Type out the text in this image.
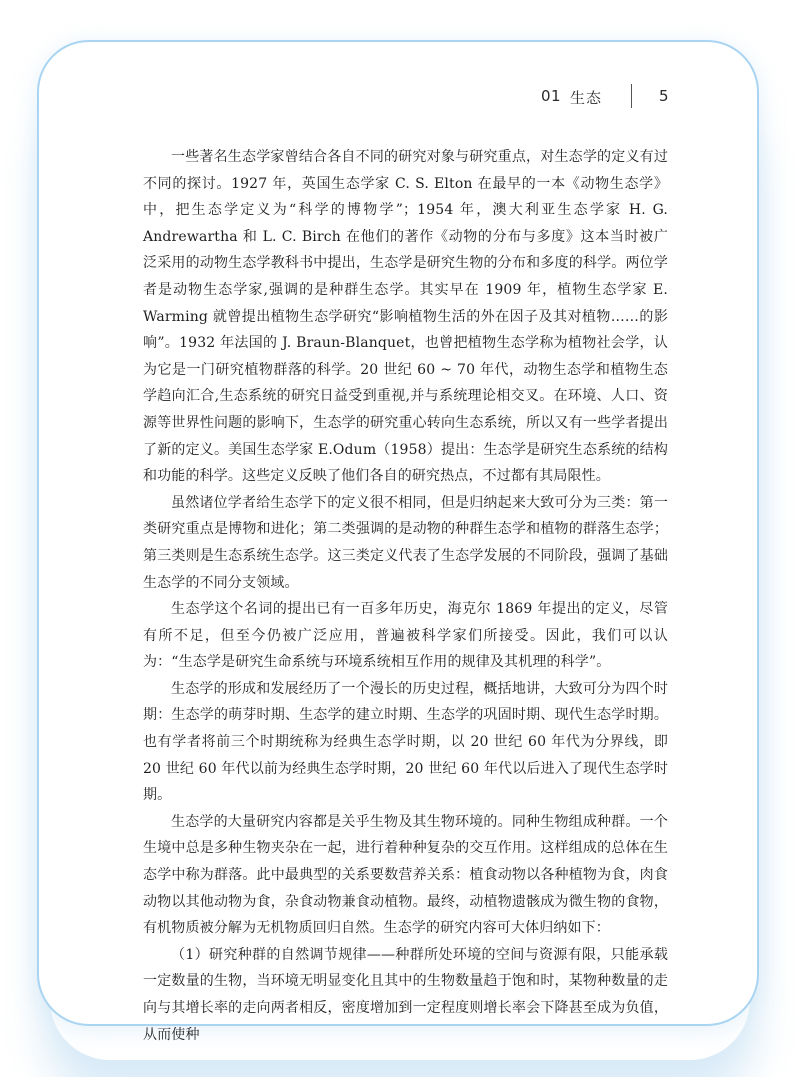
01 生态	5

一些著名生态学家曾结合各自不同的研究对象与研究重点，对生态学的定义有过不同的探讨。1927 年，英国生态学家 C. S. Elton 在最早的一本《动物生态学》中，把生态学定义为“科学的博物学”；1954 年，澳大利亚生态学家 H. G. Andrewartha 和 L. C. Birch 在他们的著作《动物的分布与多度》这本当时被广泛采用的动物生态学教科书中提出，生态学是研究生物的分布和多度的科学。两位学者是动物生态学家,强调的是种群生态学。其实早在 1909 年，植物生态学家 E. Warming 就曾提出植物生态学研究“影响植物生活的外在因子及其对植物……的影响”。1932 年法国的 J. Braun-Blanquet，也曾把植物生态学称为植物社会学，认为它是一门研究植物群落的科学。20 世纪 60 ~ 70 年代，动物生态学和植物生态学趋向汇合,生态系统的研究日益受到重视,并与系统理论相交叉。在环境、人口、资源等世界性问题的影响下，生态学的研究重心转向生态系统，所以又有一些学者提出了新的定义。美国生态学家 E.Odum（1958）提出：生态学是研究生态系统的结构和功能的科学。这些定义反映了他们各自的研究热点，不过都有其局限性。

虽然诸位学者给生态学下的定义很不相同，但是归纳起来大致可分为三类：第一类研究重点是博物和进化；第二类强调的是动物的种群生态学和植物的群落生态学；第三类则是生态系统生态学。这三类定义代表了生态学发展的不同阶段，强调了基础生态学的不同分支领域。

生态学这个名词的提出已有一百多年历史，海克尔 1869 年提出的定义，尽管有所不足，但至今仍被广泛应用，普遍被科学家们所接受。因此，我们可以认为：“生态学是研究生命系统与环境系统相互作用的规律及其机理的科学”。

生态学的形成和发展经历了一个漫长的历史过程，概括地讲，大致可分为四个时期：生态学的萌芽时期、生态学的建立时期、生态学的巩固时期、现代生态学时期。也有学者将前三个时期统称为经典生态学时期，以 20 世纪 60 年代为分界线，即 20 世纪 60 年代以前为经典生态学时期，20 世纪 60 年代以后进入了现代生态学时期。

生态学的大量研究内容都是关乎生物及其生物环境的。同种生物组成种群。一个生境中总是多种生物夹杂在一起，进行着种种复杂的交互作用。这样组成的总体在生态学中称为群落。此中最典型的关系要数营养关系：植食动物以各种植物为食，肉食动物以其他动物为食，杂食动物兼食动植物。最终，动植物遗骸成为微生物的食物，有机物质被分解为无机物质回归自然。生态学的研究内容可大体归纳如下：

（1）研究种群的自然调节规律——种群所处环境的空间与资源有限，只能承载一定数量的生物，当环境无明显变化且其中的生物数量趋于饱和时，某物种数量的走向与其增长率的走向两者相反，密度增加到一定程度则增长率会下降甚至成为负值，从而使种
